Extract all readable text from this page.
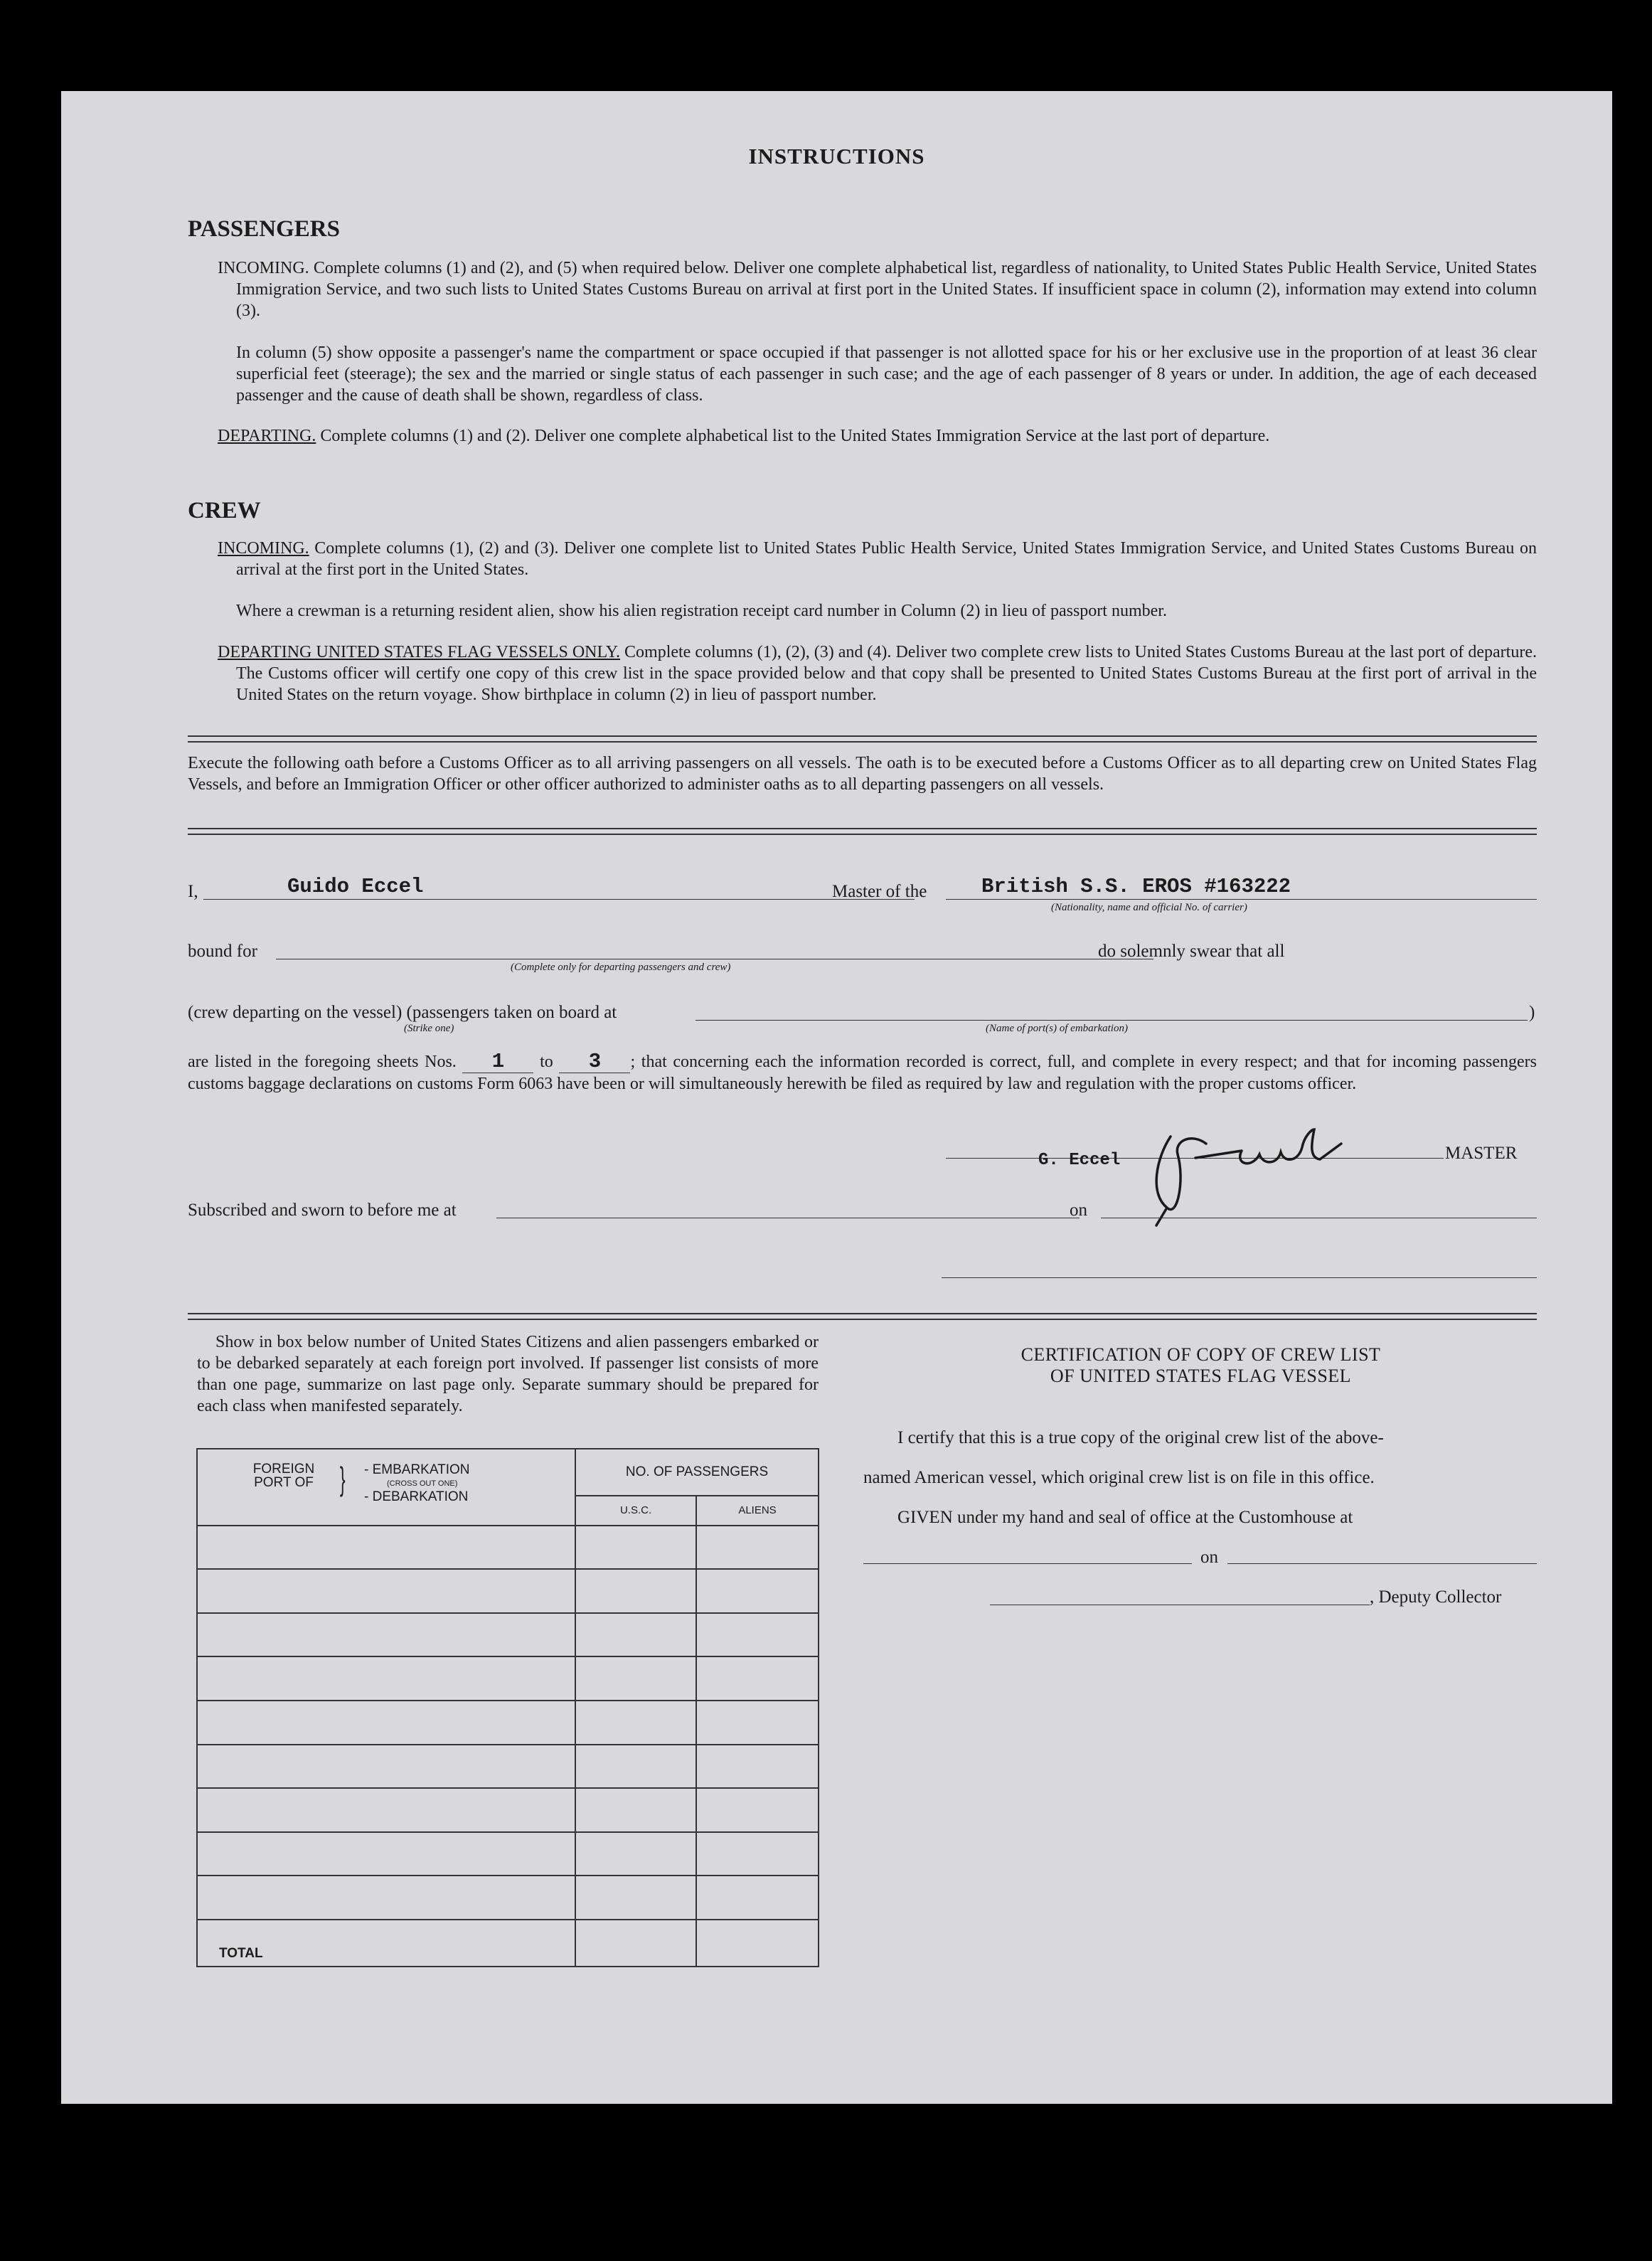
INSTRUCTIONS
PASSENGERS
INCOMING. Complete columns (1) and (2), and (5) when required below. Deliver one complete alphabetical list, regardless of nationality, to United States Public Health Service, United States Immigration Service, and two such lists to United States Customs Bureau on arrival at first port in the United States. If insufficient space in column (2), information may extend into column (3).
In column (5) show opposite a passenger's name the compartment or space occupied if that passenger is not allotted space for his or her exclusive use in the proportion of at least 36 clear superficial feet (steerage); the sex and the married or single status of each passenger in such case; and the age of each passenger of 8 years or under. In addition, the age of each deceased passenger and the cause of death shall be shown, regardless of class.
DEPARTING. Complete columns (1) and (2). Deliver one complete alphabetical list to the United States Immigration Service at the last port of departure.
CREW
INCOMING. Complete columns (1), (2) and (3). Deliver one complete list to United States Public Health Service, United States Immigration Service, and United States Customs Bureau on arrival at the first port in the United States.
Where a crewman is a returning resident alien, show his alien registration receipt card number in Column (2) in lieu of passport number.
DEPARTING UNITED STATES FLAG VESSELS ONLY. Complete columns (1), (2), (3) and (4). Deliver two complete crew lists to United States Customs Bureau at the last port of departure. The Customs officer will certify one copy of this crew list in the space provided below and that copy shall be presented to United States Customs Bureau at the first port of arrival in the United States on the return voyage. Show birthplace in column (2) in lieu of passport number.
Execute the following oath before a Customs Officer as to all arriving passengers on all vessels. The oath is to be executed before a Customs Officer as to all departing crew on United States Flag Vessels, and before an Immigration Officer or other officer authorized to administer oaths as to all departing passengers on all vessels.
I,	Guido Eccel	Master of the	British S.S. EROS #163222
(Nationality, name and official No. of carrier)
bound for
(Complete only for departing passengers and crew)
do solemnly swear that all
(crew departing on the vessel) (passengers taken on board at
(Strike one)	(Name of port(s) of embarkation)
)
are listed in the foregoing sheets Nos. 1 to 3 ; that concerning each the information recorded is correct, full, and complete in every respect; and that for incoming passengers customs baggage declarations on customs Form 6063 have been or will simultaneously herewith be filed as required by law and regulation with the proper customs officer.
G. Eccel	MASTER
Subscribed and sworn to before me at	on
Show in box below number of United States Citizens and alien passengers embarked or to be debarked separately at each foreign port involved. If passenger list consists of more than one page, summarize on last page only. Separate summary should be prepared for each class when manifested separately.
FOREIGN PORT OF } - EMBARKATION
(CROSS OUT ONE)
- DEBARKATION	NO. OF PASSENGERS	
	U.S.C.	ALIENS

TOTAL		
CERTIFICATION OF COPY OF CREW LIST
OF UNITED STATES FLAG VESSEL
I certify that this is a true copy of the original crew list of the above-
named American vessel, which original crew list is on file in this office.
GIVEN under my hand and seal of office at the Customhouse at
on
, Deputy Collector
